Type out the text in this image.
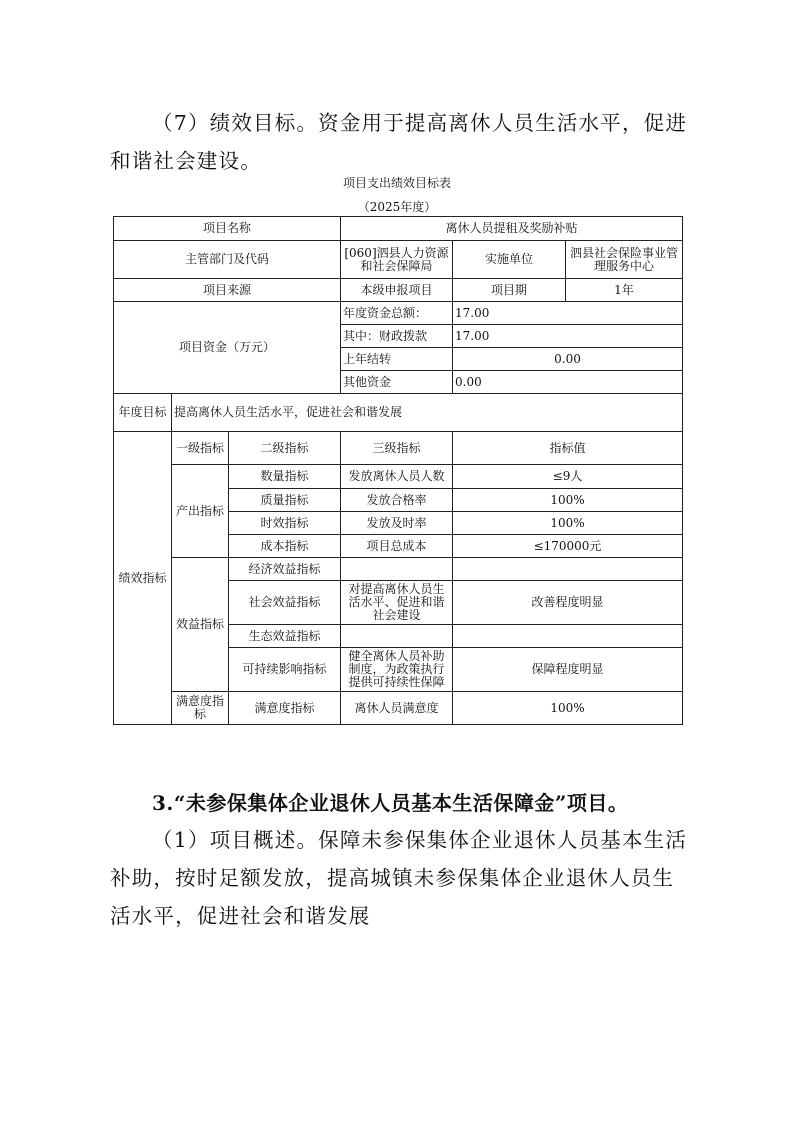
（7）绩效目标。资金用于提高离休人员生活水平，促进和谐社会建设。

项目支出绩效目标表

（2025年度）

项目名称			离休人员提租及奖励补贴		
主管部门及代码			[060]泗县人力资源和社会保障局	实施单位	泗县社会保险事业管理服务中心
项目来源			本级申报项目	项目期	1年
项目资金（万元）			年度资金总额：	17.00	
			其中：财政拨款	17.00	
			上年结转	0.00	
			其他资金	0.00	
年度目标	提高离休人员生活水平，促进社会和谐发展				
绩效指标	一级指标	二级指标	三级指标	指标值	
	产出指标	数量指标	发放离休人员人数	≤9人	
		质量指标	发放合格率	100%	
		时效指标	发放及时率	100%	
		成本指标	项目总成本	≤170000元	
	效益指标	经济效益指标			
		社会效益指标	对提高离休人员生活水平、促进和谐社会建设	改善程度明显	
		生态效益指标			
		可持续影响指标	健全离休人员补助制度，为政策执行提供可持续性保障	保障程度明显	
	满意度指标	满意度指标	离休人员满意度	100%	

3.“未参保集体企业退休人员基本生活保障金”项目。

（1）项目概述。保障未参保集体企业退休人员基本生活补助，按时足额发放，提高城镇未参保集体企业退休人员生活水平，促进社会和谐发展
